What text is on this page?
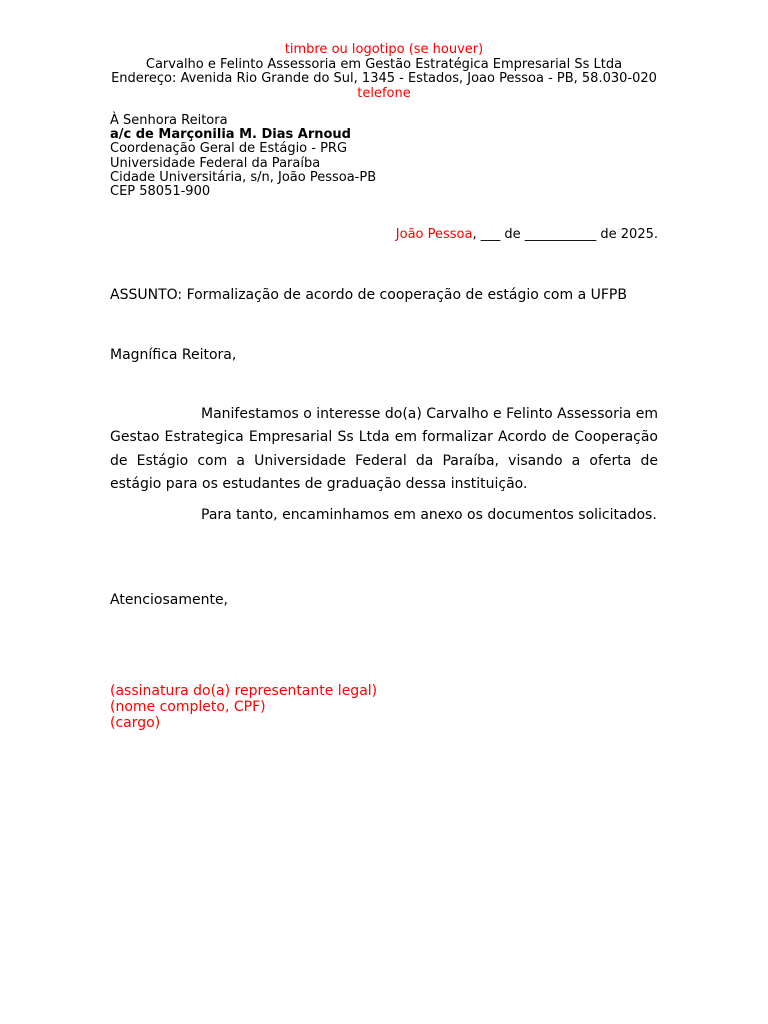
timbre ou logotipo (se houver)
Carvalho e Felinto Assessoria em Gestão Estratégica Empresarial Ss Ltda
Endereço: Avenida Rio Grande do Sul, 1345 - Estados, Joao Pessoa - PB, 58.030-020
telefone
À Senhora Reitora
a/c de Marçonilia M. Dias Arnoud
Coordenação Geral de Estágio - PRG
Universidade Federal da Paraíba
Cidade Universitária, s/n, João Pessoa-PB
CEP 58051-900
João Pessoa, ___ de ___________ de 2025.
ASSUNTO: Formalização de acordo de cooperação de estágio com a UFPB
Magnífica Reitora,

Manifestamos o interesse do(a) Carvalho e Felinto Assessoria em Gestao Estrategica Empresarial Ss Ltda em formalizar Acordo de Cooperação de Estágio com a Universidade Federal da Paraíba, visando a oferta de estágio para os estudantes de graduação dessa instituição.

Para tanto, encaminhamos em anexo os documentos solicitados.

Atenciosamente,
(assinatura do(a) representante legal)
(nome completo, CPF)
(cargo)
